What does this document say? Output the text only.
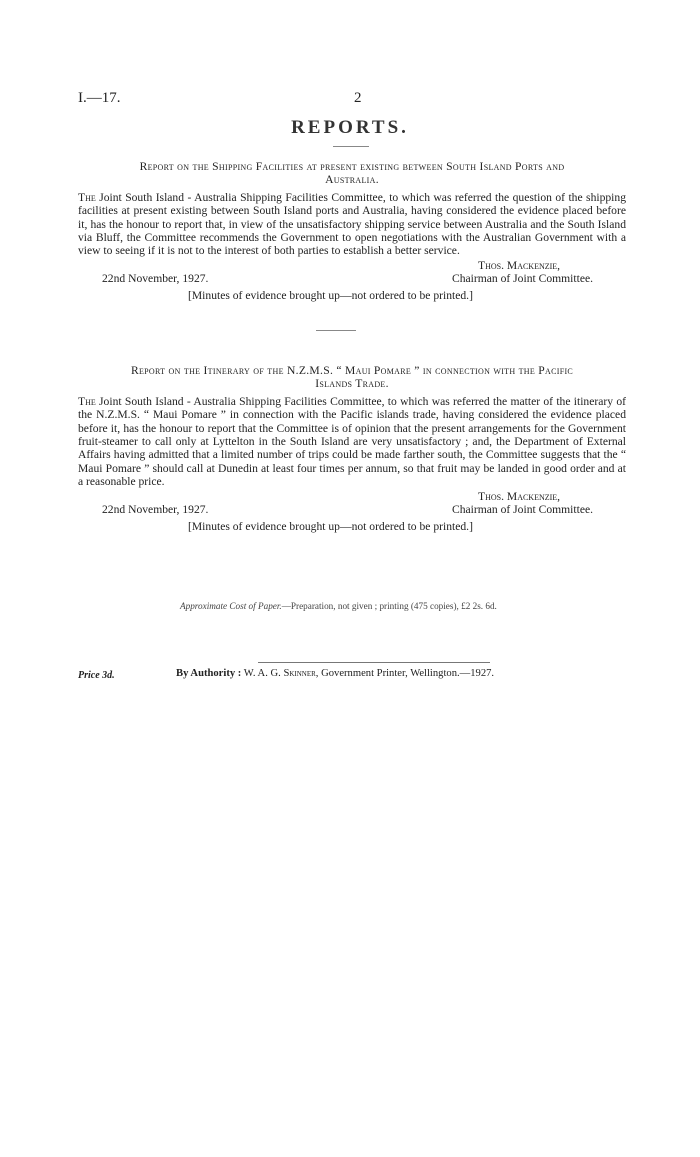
I.—17.	2
REPORTS.
Report on the Shipping Facilities at present existing between South Island Ports and
Australia.

The Joint South Island - Australia Shipping Facilities Committee, to which was referred the question of the shipping facilities at present existing between South Island ports and Australia, having considered the evidence placed before it, has the honour to report that, in view of the unsatisfactory shipping service between Australia and the South Island via Bluff, the Committee recommends the Government to open negotiations with the Australian Government with a view to seeing if it is not to the interest of both parties to establish a better service.

Thos. Mackenzie,
22nd November, 1927.	Chairman of Joint Committee.
[Minutes of evidence brought up—not ordered to be printed.]
Report on the Itinerary of the N.Z.M.S. “ Maui Pomare ” in connection with the Pacific
Islands Trade.

The Joint South Island - Australia Shipping Facilities Committee, to which was referred the matter of the itinerary of the N.Z.M.S. “ Maui Pomare ” in connection with the Pacific islands trade, having considered the evidence placed before it, has the honour to report that the Committee is of opinion that the present arrangements for the Government fruit-steamer to call only at Lyttelton in the South Island are very unsatisfactory ; and, the Department of External Affairs having admitted that a limited number of trips could be made farther south, the Committee suggests that the “ Maui Pomare ” should call at Dunedin at least four times per annum, so that fruit may be landed in good order and at a reasonable price.

Thos. Mackenzie,
22nd November, 1927.	Chairman of Joint Committee.
[Minutes of evidence brought up—not ordered to be printed.]
Approximate Cost of Paper.—Preparation, not given ; printing (475 copies), £2 2s. 6d.
Price 3d.	By Authority : W. A. G. Skinner, Government Printer, Wellington.—1927.
